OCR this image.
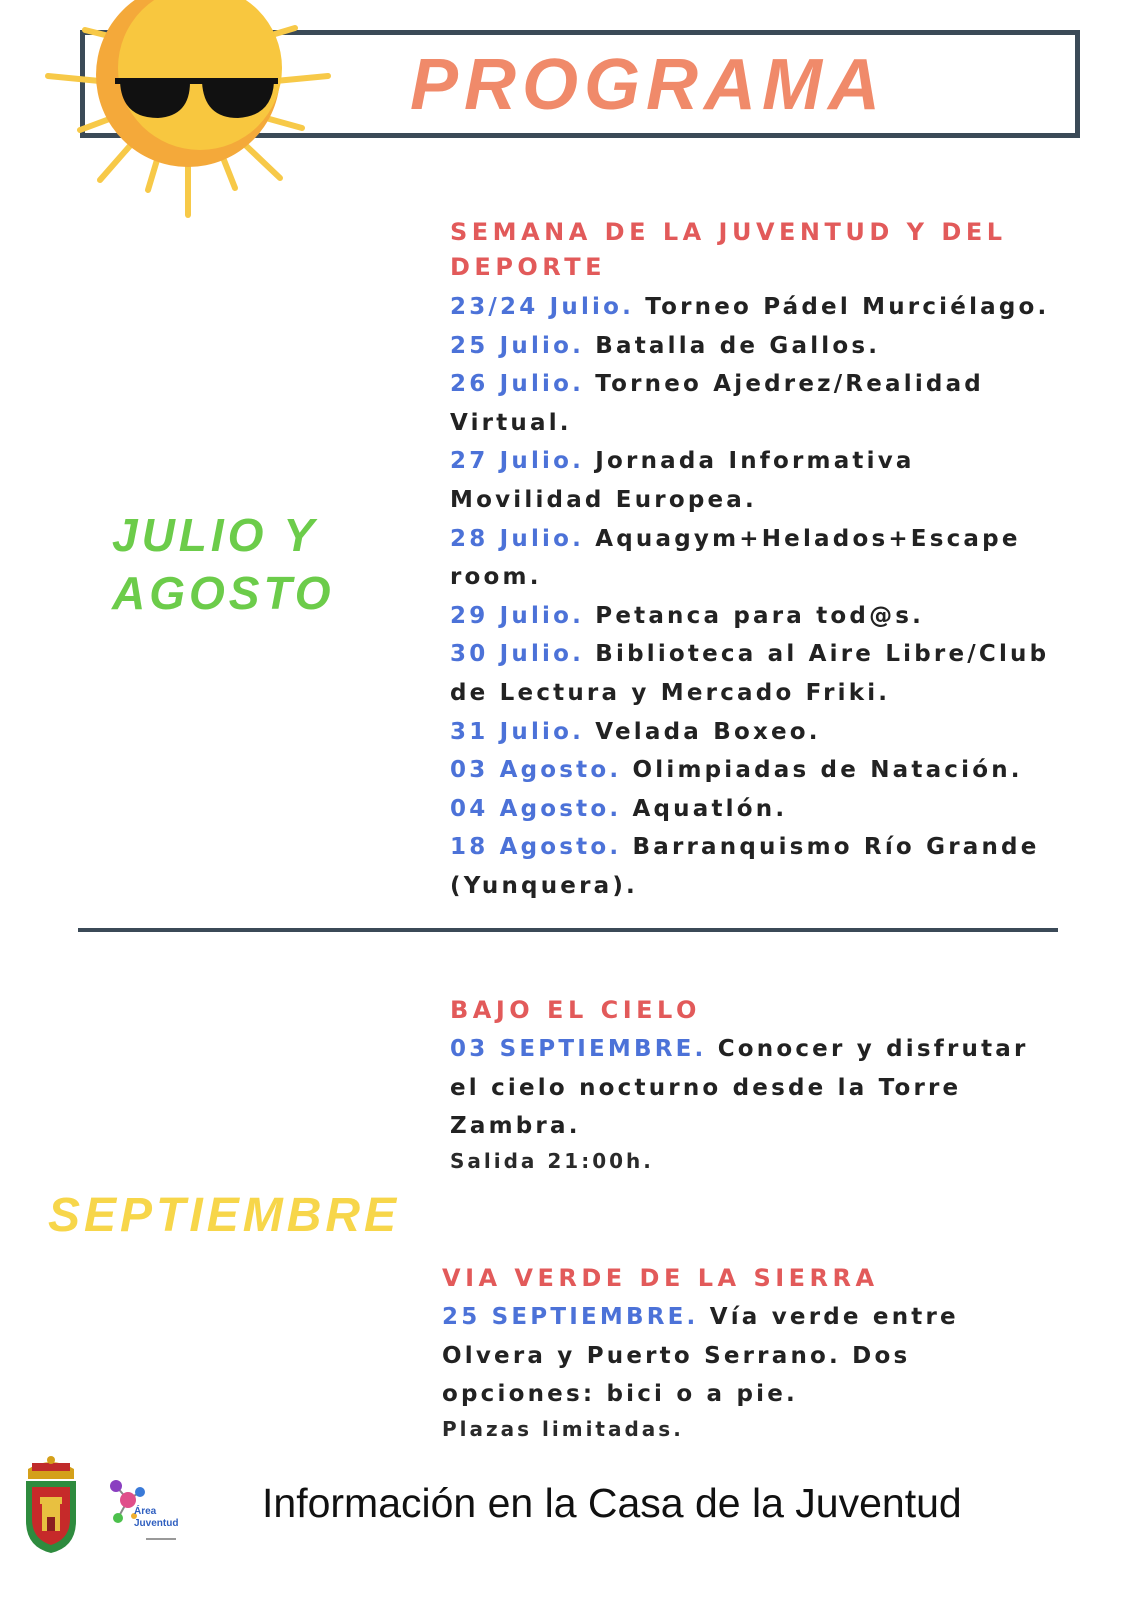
PROGRAMA
SEMANA DE LA JUVENTUD Y DEL
DEPORTE
23/24 Julio. Torneo Pádel Murciélago.
25 Julio. Batalla de Gallos.
26 Julio. Torneo Ajedrez/Realidad
Virtual.
27 Julio. Jornada Informativa
Movilidad Europea.
28 Julio. Aquagym+Helados+Escape
room.
29 Julio. Petanca para tod@s.
30 Julio. Biblioteca al Aire Libre/Club
de Lectura y Mercado Friki.
31 Julio. Velada Boxeo.
03 Agosto. Olimpiadas de Natación.
04 Agosto. Aquatlón.
18 Agosto. Barranquismo Río Grande
(Yunquera).
JULIO Y
AGOSTO
BAJO EL CIELO
03 SEPTIEMBRE. Conocer y disfrutar
el cielo nocturno desde la Torre
Zambra.
Salida 21:00h.
SEPTIEMBRE
VIA VERDE DE LA SIERRA
25 SEPTIEMBRE. Vía verde entre
Olvera y Puerto Serrano. Dos
opciones: bici o a pie.
Plazas limitadas.
Área
Juventud Información en la Casa de la Juventud
